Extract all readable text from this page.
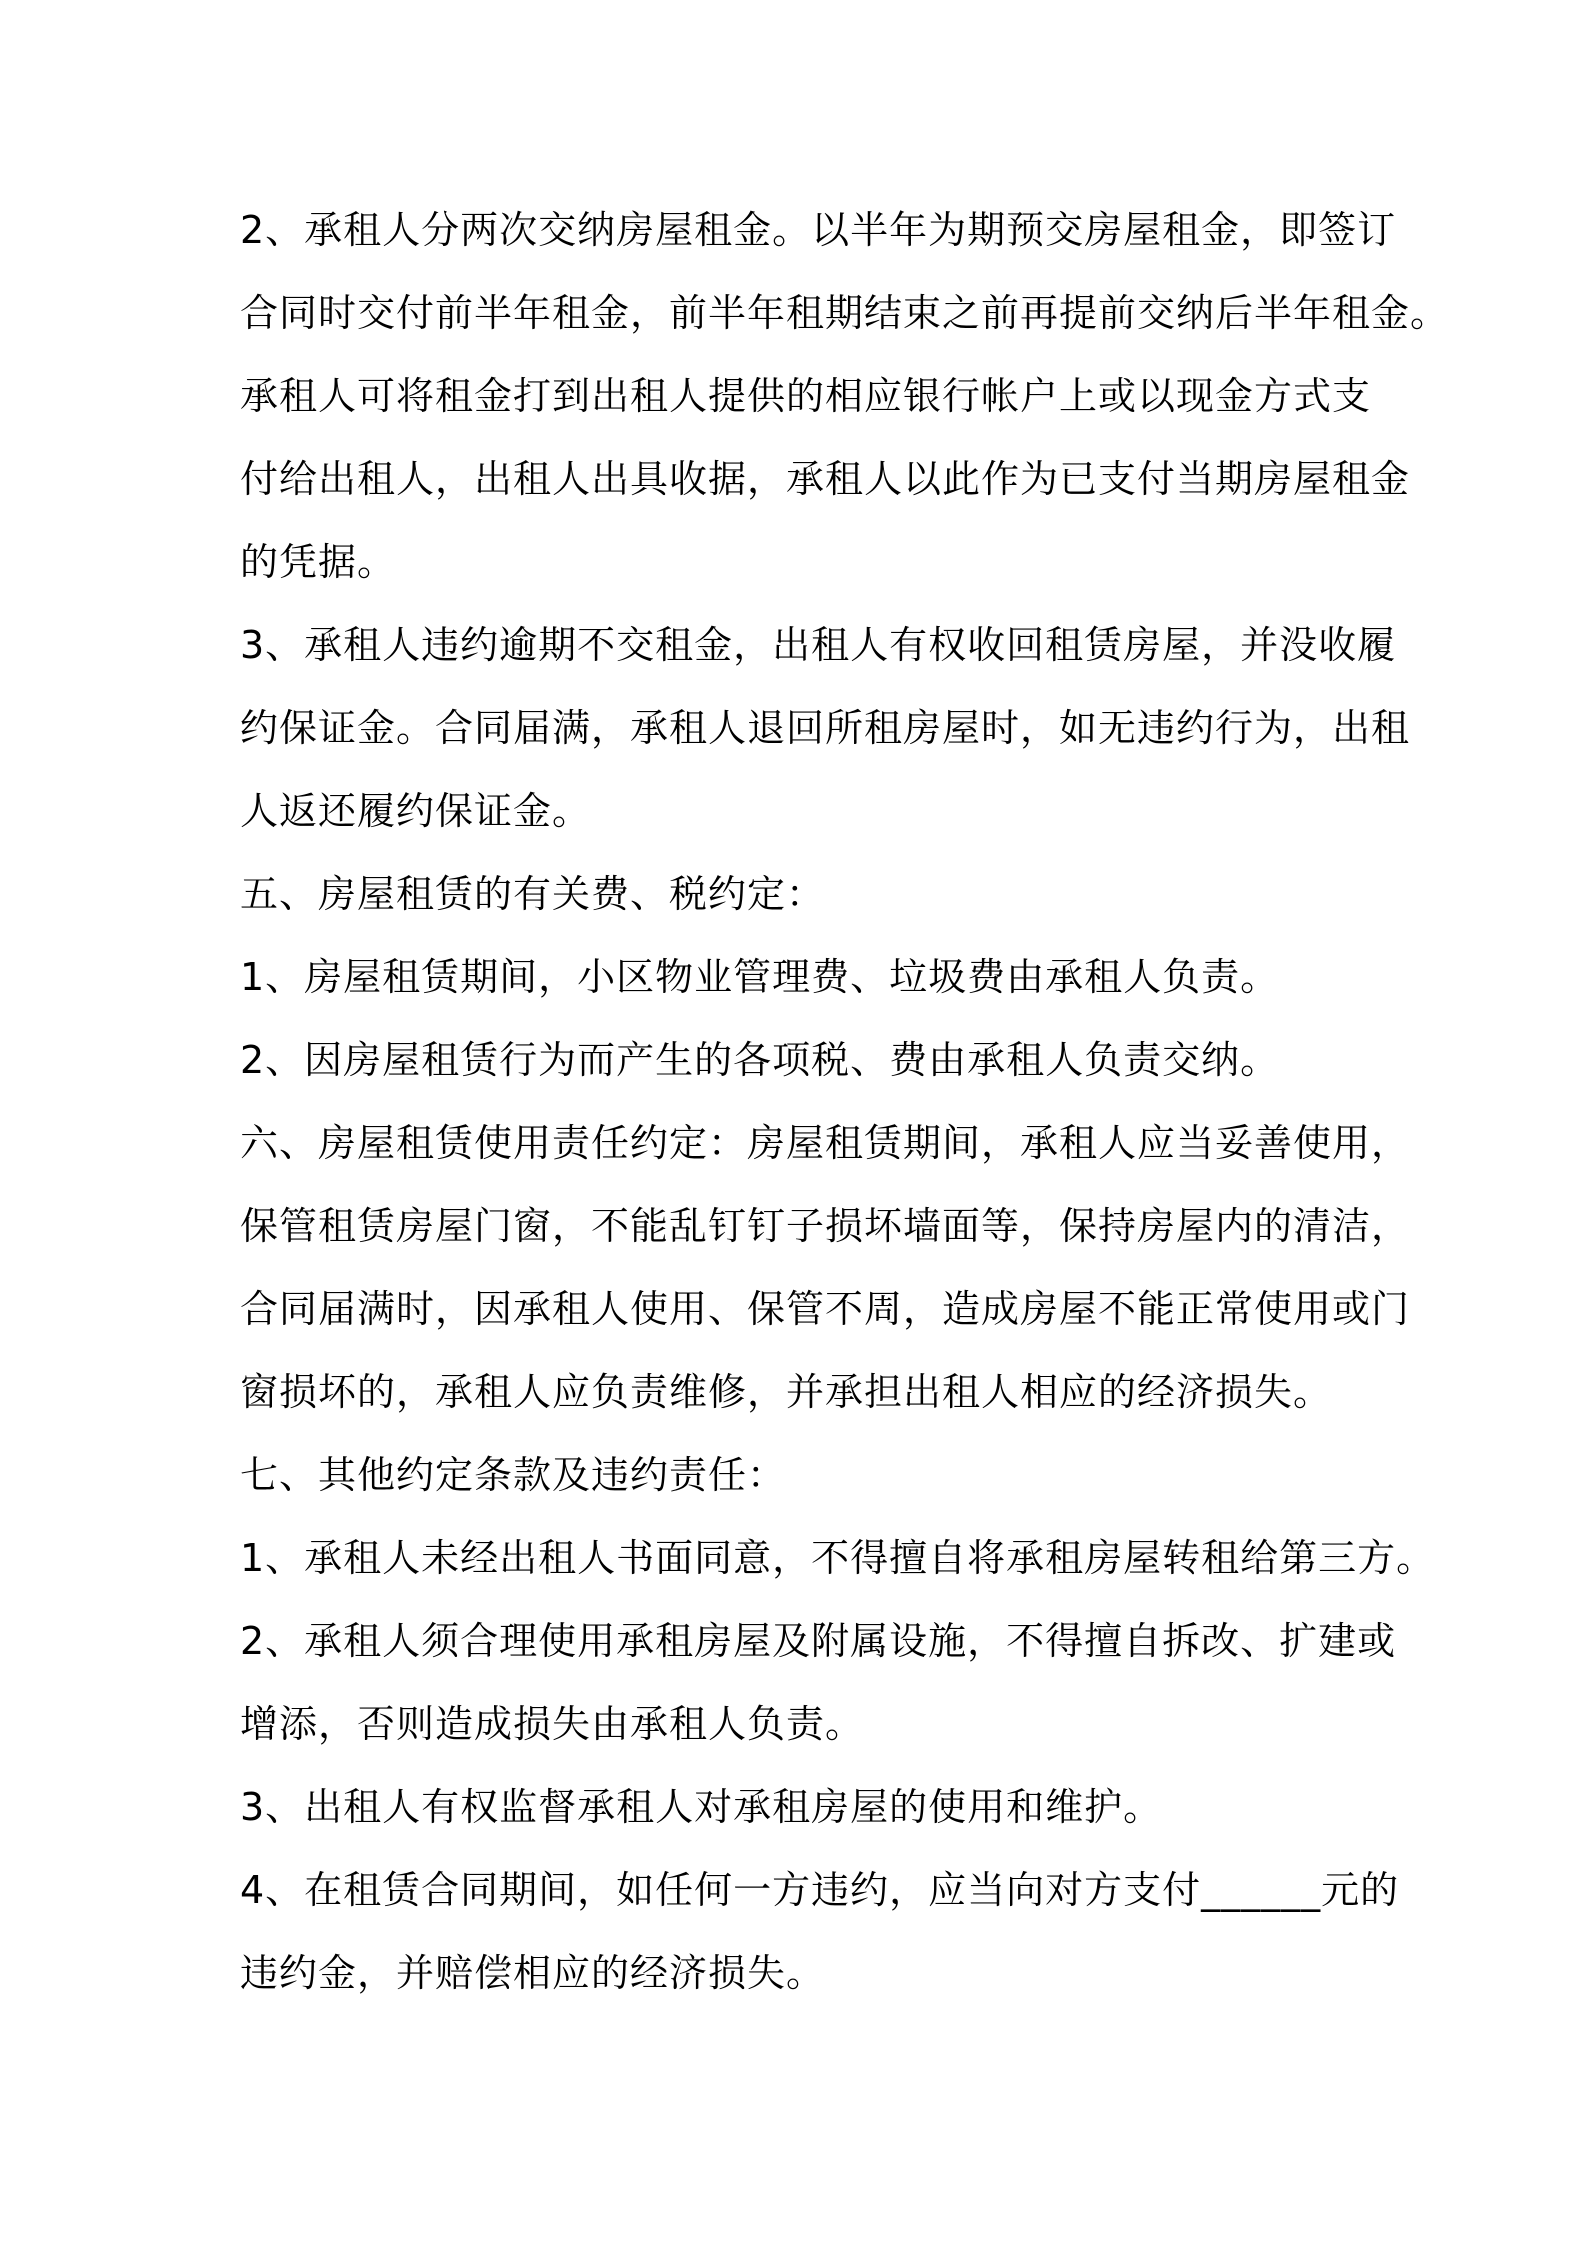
2、承租人分两次交纳房屋租金。以半年为期预交房屋租金，即签订
合同时交付前半年租金，前半年租期结束之前再提前交纳后半年租金。
承租人可将租金打到出租人提供的相应银行帐户上或以现金方式支
付给出租人，出租人出具收据，承租人以此作为已支付当期房屋租金
的凭据。
3、承租人违约逾期不交租金，出租人有权收回租赁房屋，并没收履
约保证金。合同届满，承租人退回所租房屋时，如无违约行为，出租
人返还履约保证金。
五、房屋租赁的有关费、税约定：
1、房屋租赁期间，小区物业管理费、垃圾费由承租人负责。
2、因房屋租赁行为而产生的各项税、费由承租人负责交纳。
六、房屋租赁使用责任约定：房屋租赁期间，承租人应当妥善使用，
保管租赁房屋门窗，不能乱钉钉子损坏墙面等，保持房屋内的清洁，
合同届满时，因承租人使用、保管不周，造成房屋不能正常使用或门
窗损坏的，承租人应负责维修，并承担出租人相应的经济损失。
七、其他约定条款及违约责任：
1、承租人未经出租人书面同意，不得擅自将承租房屋转租给第三方。
2、承租人须合理使用承租房屋及附属设施，不得擅自拆改、扩建或
增添，否则造成损失由承租人负责。
3、出租人有权监督承租人对承租房屋的使用和维护。
4、在租赁合同期间，如任何一方违约，应当向对方支付______元的
违约金，并赔偿相应的经济损失。
